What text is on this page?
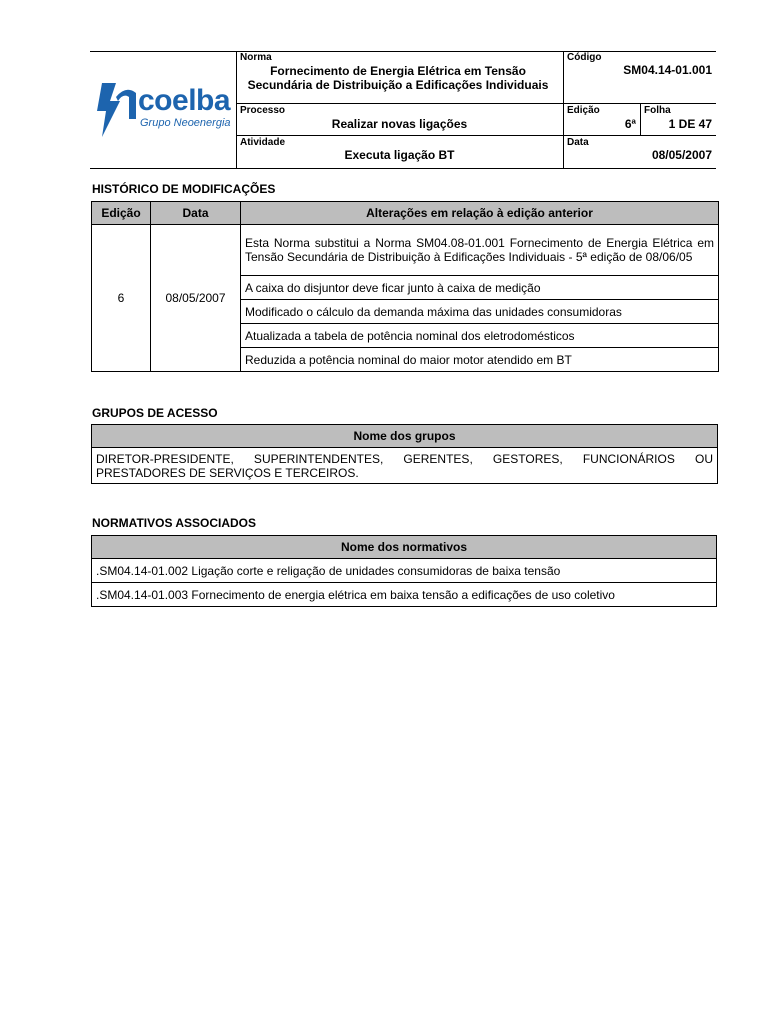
coelba
Grupo Neoenergia
Norma
Fornecimento de Energia Elétrica em Tensão Secundária de Distribuição a Edificações Individuais
Código
SM04.14-01.001
Processo
Realizar novas ligações
Edição
6ª
Folha
1 DE 47
Atividade
Executa ligação BT
Data
08/05/2007
HISTÓRICO DE MODIFICAÇÕES
Edição	Data	Alterações em relação à edição anterior
6	08/05/2007	Esta Norma substitui a Norma SM04.08-01.001 Fornecimento de Energia Elétrica em Tensão Secundária de Distribuição à Edificações Individuais - 5ª edição de 08/06/05
		A caixa do disjuntor deve ficar junto à caixa de medição
		Modificado o cálculo da demanda máxima das unidades consumidoras
		Atualizada a tabela de potência nominal dos eletrodomésticos
		Reduzida a potência nominal do maior motor atendido em BT
GRUPOS DE ACESSO
Nome dos grupos
DIRETOR-PRESIDENTE, SUPERINTENDENTES, GERENTES, GESTORES, FUNCIONÁRIOS OU PRESTADORES DE SERVIÇOS E TERCEIROS.
NORMATIVOS ASSOCIADOS
Nome dos normativos
.SM04.14-01.002 Ligação corte e religação de unidades consumidoras de baixa tensão
.SM04.14-01.003 Fornecimento de energia elétrica em baixa tensão a edificações de uso coletivo
